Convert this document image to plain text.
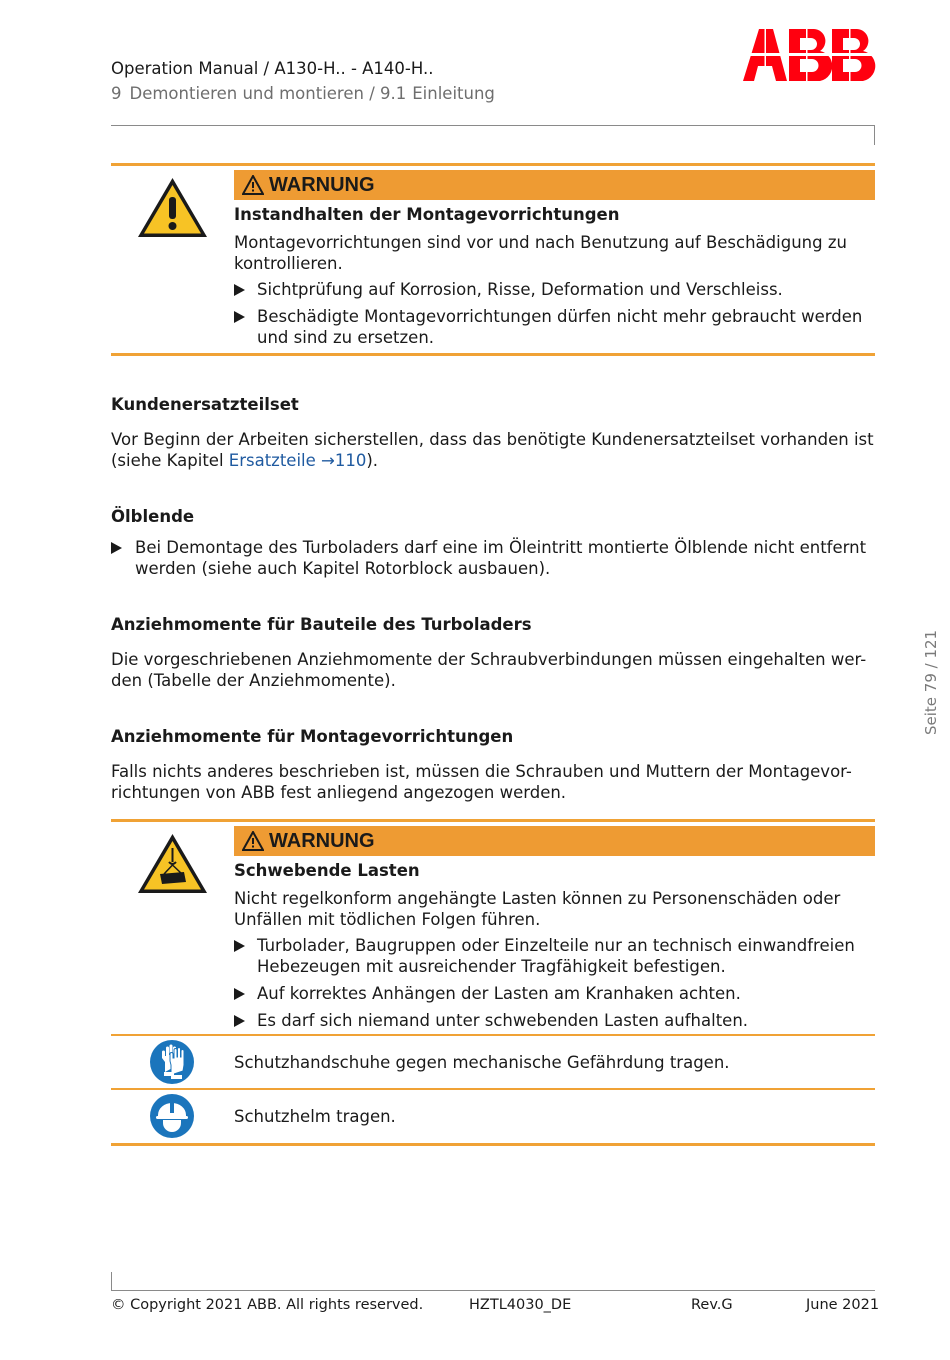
Operation Manual / A130-H.. - A140-H..
9 Demontieren und montieren / 9.1 Einleitung
Seite 79 / 121
WARNUNG
Instandhalten der Montagevorrichtungen
Montagevorrichtungen sind vor und nach Benutzung auf Beschädigung zu kontrollieren.
Sichtprüfung auf Korrosion, Risse, Deformation und Verschleiss.
Beschädigte Montagevorrichtungen dürfen nicht mehr gebraucht werden und sind zu ersetzen.
Kundenersatzteilset
Vor Beginn der Arbeiten sicherstellen, dass das benötigte Kundenersatzteilset vorhanden ist (siehe Kapitel Ersatzteile →110).
Ölblende
Bei Demontage des Turboladers darf eine im Öleintritt montierte Ölblende nicht entfernt werden (siehe auch Kapitel Rotorblock ausbauen).
Anziehmomente für Bauteile des Turboladers
Die vorgeschriebenen Anziehmomente der Schraubverbindungen müssen eingehalten wer-
den (Tabelle der Anziehmomente).
Anziehmomente für Montagevorrichtungen
Falls nichts anderes beschrieben ist, müssen die Schrauben und Muttern der Montagevor-
richtungen von ABB fest anliegend angezogen werden.
WARNUNG
Schwebende Lasten
Nicht regelkonform angehängte Lasten können zu Personenschäden oder Unfällen mit tödlichen Folgen führen.
Turbolader, Baugruppen oder Einzelteile nur an technisch einwandfreien Hebezeugen mit ausreichender Tragfähigkeit befestigen.
Auf korrektes Anhängen der Lasten am Kranhaken achten.
Es darf sich niemand unter schwebenden Lasten aufhalten.
Schutzhandschuhe gegen mechanische Gefährdung tragen.
Schutzhelm tragen.
© Copyright 2021 ABB. All rights reserved.	HZTL4030_DE	Rev.G	June 2021
